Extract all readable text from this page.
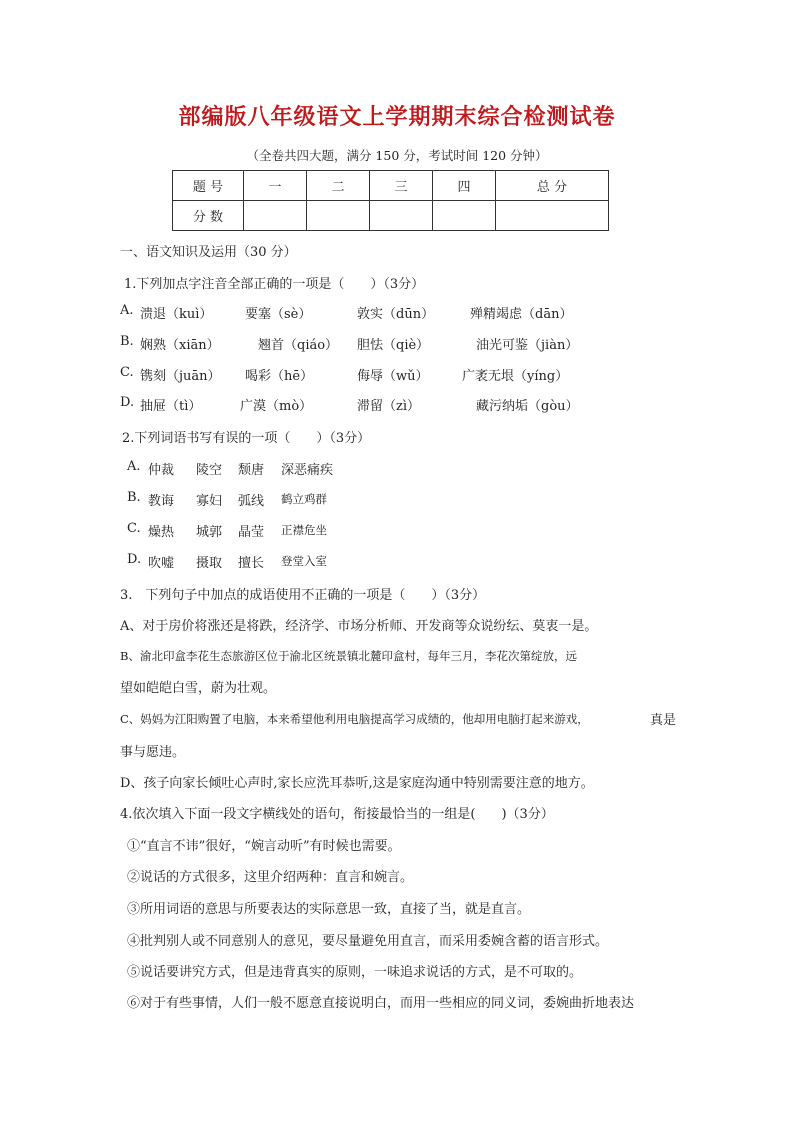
部编版八年级语文上学期期末综合检测试卷
（全卷共四大题，满分 150 分，考试时间 120 分钟）
题 号	一	二	三	四	总 分
分 数					
一、语文知识及运用（30 分）
1.下列加点字注音全部正确的一项是（　　）（3分）
A. 溃退（kuì）	要塞（sè）	敦实（dūn）	殚精竭虑（dān）
B. 娴熟（xiān）	翘首（qiáo） 胆怯（qiè）	油光可鉴（jiàn）
C. 镌刻（juān） 喝彩（hē）	侮辱（wǔ）	广袤无垠（yíng）
D. 抽屉（tì）	广漠（mò）	滞留（zì）	藏污纳垢（gòu）
2.下列词语书写有误的一项（　　）（3分）
A. 仲裁 陵空 颓唐 深恶痛疾
B. 教诲 寡妇 弧线 鹤立鸡群
C. 燥热 城郭 晶莹 正襟危坐
D. 吹嘘 摄取 擅长 登堂入室
3.　下列句子中加点的成语使用不正确的一项是（　　）（3分）
A、对于房价将涨还是将跌，经济学、市场分析师、开发商等众说纷纭、莫衷一是。
B、渝北印盒李花生态旅游区位于渝北区统景镇北麓印盒村，每年三月，李花次第绽放，远
望如皑皑白雪，蔚为壮观。
C、妈妈为江阳购置了电脑，本来希望他利用电脑提高学习成绩的，他却用电脑打起来游戏，	真是
事与愿违。
D、孩子向家长倾吐心声时,家长应洗耳恭听,这是家庭沟通中特别需要注意的地方。
4.依次填入下面一段文字横线处的语句，衔接最恰当的一组是(　　)（3分）
①“直言不讳”很好，“婉言动听”有时候也需要。
②说话的方式很多，这里介绍两种：直言和婉言。
③所用词语的意思与所要表达的实际意思一致，直接了当，就是直言。
④批判别人或不同意别人的意见，要尽量避免用直言，而采用委婉含蓄的语言形式。
⑤说话要讲究方式，但是违背真实的原则，一味追求说话的方式，是不可取的。
⑥对于有些事情，人们一般不愿意直接说明白，而用一些相应的同义词，委婉曲折地表达
